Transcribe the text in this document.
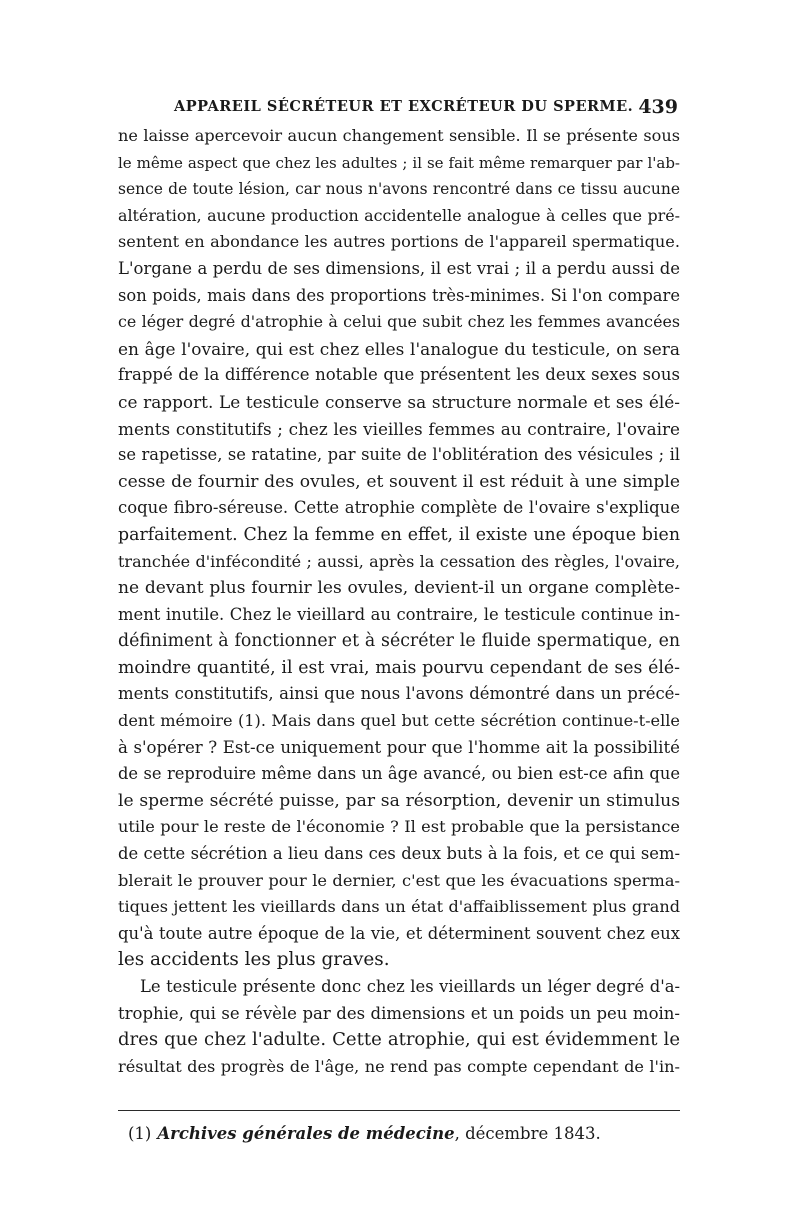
APPAREIL SÉCRÉTEUR ET EXCRÉTEUR DU SPERME. 439
ne laisse apercevoir aucun changement sensible. Il se présente sous
le même aspect que chez les adultes ; il se fait même remarquer par l'ab-
sence de toute lésion, car nous n'avons rencontré dans ce tissu aucune
altération, aucune production accidentelle analogue à celles que pré-
sentent en abondance les autres portions de l'appareil spermatique.
L'organe a perdu de ses dimensions, il est vrai ; il a perdu aussi de
son poids, mais dans des proportions très-minimes. Si l'on compare
ce léger degré d'atrophie à celui que subit chez les femmes avancées
en âge l'ovaire, qui est chez elles l'analogue du testicule, on sera
frappé de la différence notable que présentent les deux sexes sous
ce rapport. Le testicule conserve sa structure normale et ses élé-
ments constitutifs ; chez les vieilles femmes au contraire, l'ovaire
se rapetisse, se ratatine, par suite de l'oblitération des vésicules ; il
cesse de fournir des ovules, et souvent il est réduit à une simple
coque fibro-séreuse. Cette atrophie complète de l'ovaire s'explique
parfaitement. Chez la femme en effet, il existe une époque bien
tranchée d'infécondité ; aussi, après la cessation des règles, l'ovaire,
ne devant plus fournir les ovules, devient-il un organe complète-
ment inutile. Chez le vieillard au contraire, le testicule continue in-
définiment à fonctionner et à sécréter le fluide spermatique, en
moindre quantité, il est vrai, mais pourvu cependant de ses élé-
ments constitutifs, ainsi que nous l'avons démontré dans un précé-
dent mémoire (1). Mais dans quel but cette sécrétion continue-t-elle
à s'opérer ? Est-ce uniquement pour que l'homme ait la possibilité
de se reproduire même dans un âge avancé, ou bien est-ce afin que
le sperme sécrété puisse, par sa résorption, devenir un stimulus
utile pour le reste de l'économie ? Il est probable que la persistance
de cette sécrétion a lieu dans ces deux buts à la fois, et ce qui sem-
blerait le prouver pour le dernier, c'est que les évacuations sperma-
tiques jettent les vieillards dans un état d'affaiblissement plus grand
qu'à toute autre époque de la vie, et déterminent souvent chez eux
les accidents les plus graves.
Le testicule présente donc chez les vieillards un léger degré d'a-
trophie, qui se révèle par des dimensions et un poids un peu moin-
dres que chez l'adulte. Cette atrophie, qui est évidemment le
résultat des progrès de l'âge, ne rend pas compte cependant de l'in-
(1) Archives générales de médecine, décembre 1843.
